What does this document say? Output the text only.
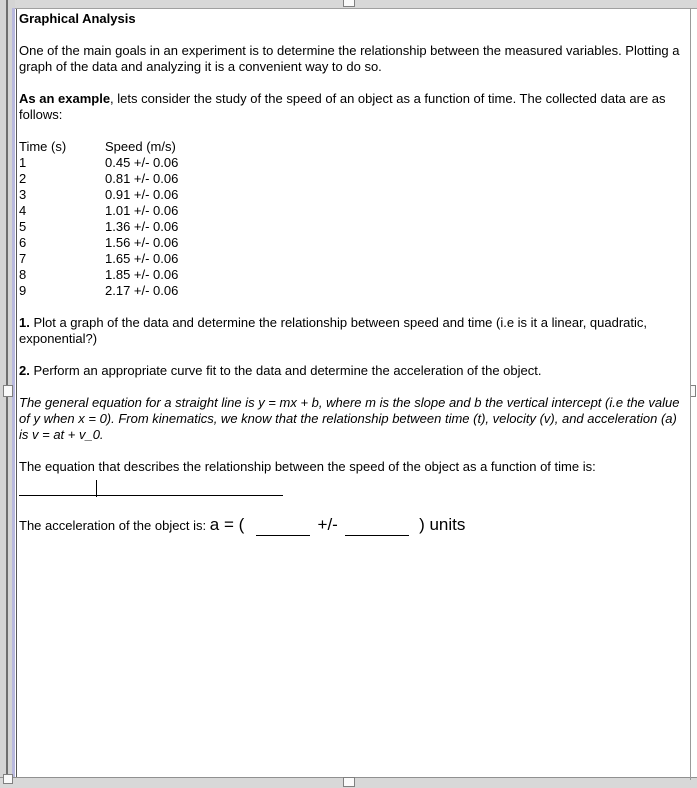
Graphical Analysis

One of the main goals in an experiment is to determine the relationship between the measured variables. Plotting a graph of the data and analyzing it is a convenient way to do so.

As an example, lets consider the study of the speed of an object as a function of time. The collected data are as follows:

Time (s)	Speed (m/s)
1	0.45 +/- 0.06
2	0.81 +/- 0.06
3	0.91 +/- 0.06
4	1.01 +/- 0.06
5	1.36 +/- 0.06
6	1.56 +/- 0.06
7	1.65 +/- 0.06
8	1.85 +/- 0.06
9	2.17 +/- 0.06

1. Plot a graph of the data and determine the relationship between speed and time (i.e is it a linear, quadratic, exponential?)

2. Perform an appropriate curve fit to the data and determine the acceleration of the object.

The general equation for a straight line is y = mx + b, where m is the slope and b the vertical intercept (i.e the value of y when x = 0). From kinematics, we know that the relationship between time (t), velocity (v), and acceleration (a) is v = at + v_0.

The equation that describes the relationship between the speed of the object as a function of time is:

The acceleration of the object is: a = (	+/-	) units
